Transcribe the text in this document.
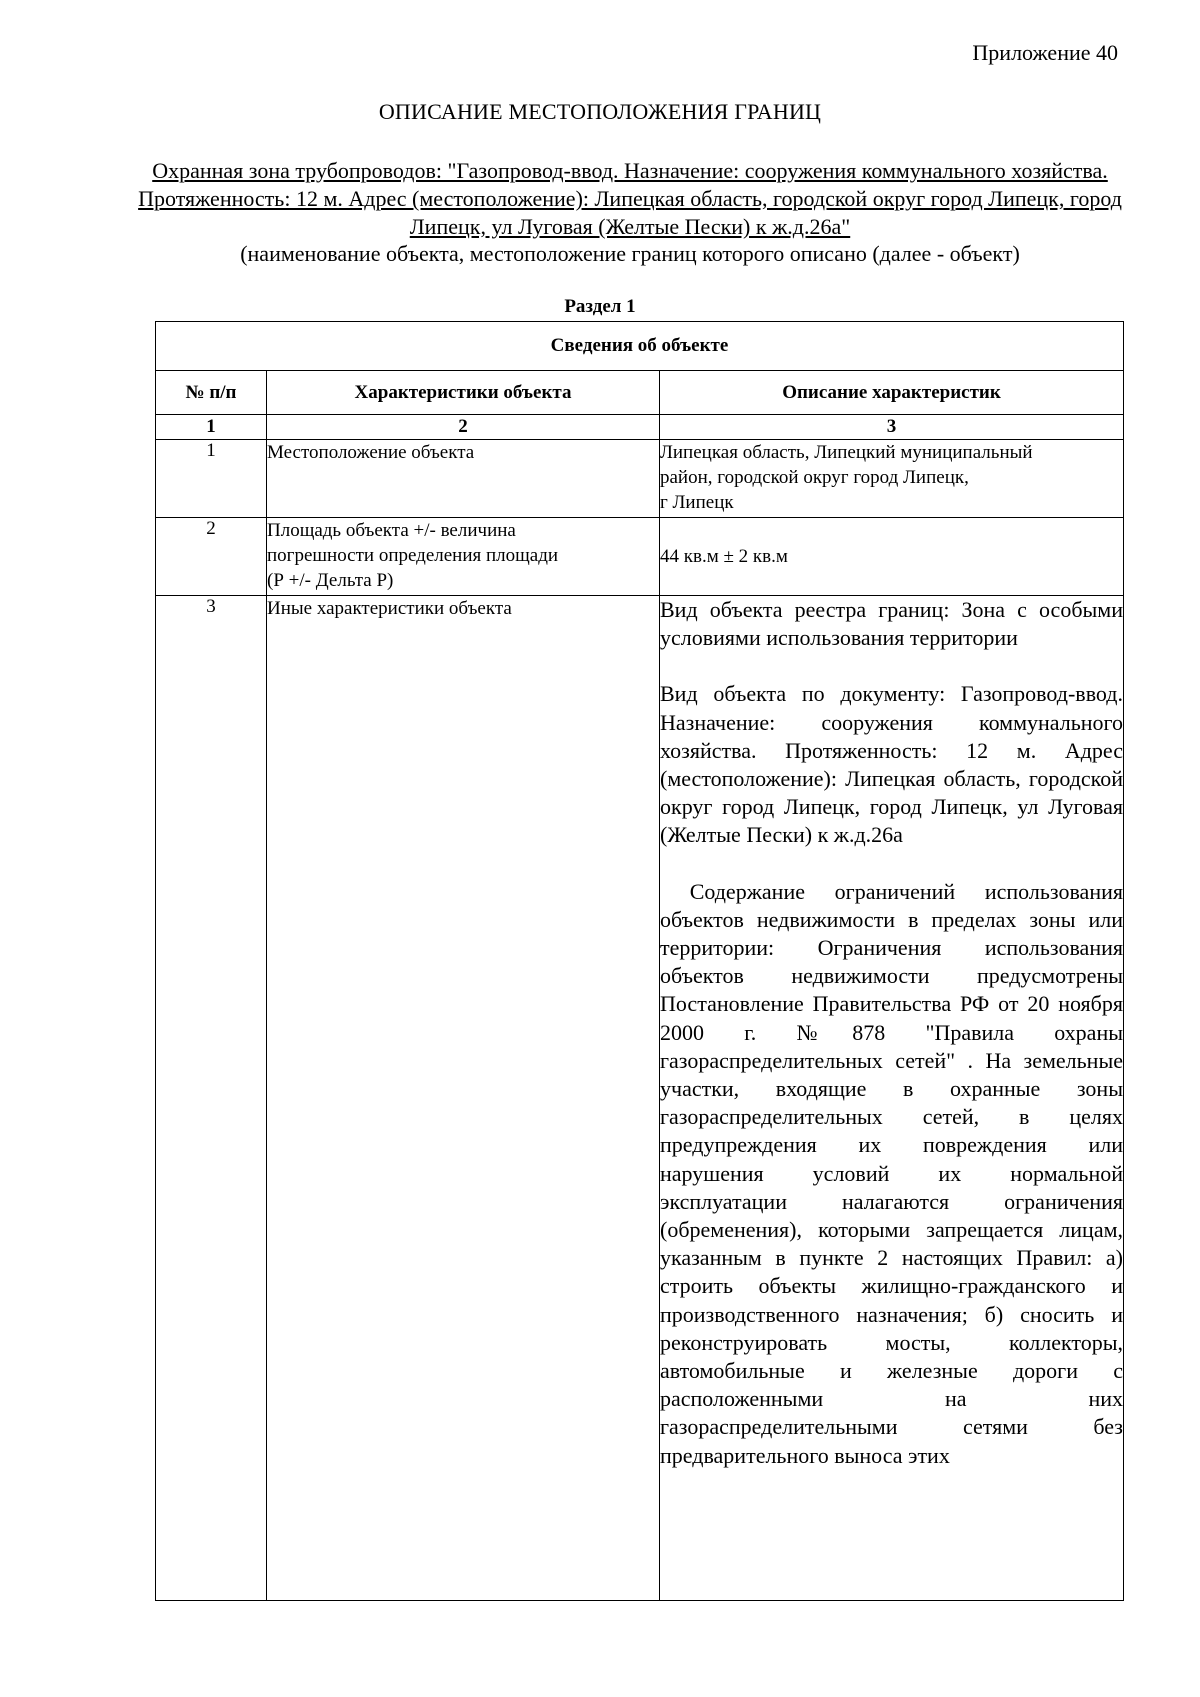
Приложение 40
ОПИСАНИЕ МЕСТОПОЛОЖЕНИЯ ГРАНИЦ
Охранная зона трубопроводов: "Газопровод-ввод. Назначение: сооружения коммунального хозяйства. Протяженность: 12 м. Адрес (местоположение): Липецкая область, городской округ город Липецк, город Липецк, ул Луговая (Желтые Пески) к ж.д.26а"
(наименование объекта, местоположение границ которого описано (далее - объект)
Раздел 1
Сведения об объекте		
№ п/п	Характеристики объекта	Описание характеристик
1	2	3
1	Местоположение объекта	Липецкая область, Липецкий муниципальный
район, городской округ город Липецк,
г Липецк

2	Площадь объекта +/- величина
погрешности определения площади
(Р +/- Дельта Р)	44 кв.м ± 2 кв.м
3	Иные характеристики объекта	Вид объекта реестра границ: Зона с особыми условиями использования территории
Вид объекта по документу: Газопровод-ввод. Назначение: сооружения коммунального хозяйства. Протяженность: 12 м. Адрес (местоположение): Липецкая область, городской округ город Липецк, город Липецк, ул Луговая (Желтые Пески) к ж.д.26а
Содержание ограничений использования объектов недвижимости в пределах зоны или территории: Ограничения использования объектов недвижимости предусмотрены Постановление Правительства РФ от 20 ноября 2000 г. №878 "Правила охраны газораспределительных сетей" . На земельные участки, входящие в охранные зоны газораспределительных сетей, в целях предупреждения их повреждения или нарушения условий их нормальной эксплуатации налагаются ограничения (обременения), которыми запрещается лицам, указанным в пункте 2 настоящих Правил: а) строить объекты жилищно-гражданского и производственного назначения; б) сносить и реконструировать мосты, коллекторы, автомобильные и железные дороги с расположенными на них газораспределительными сетями без предварительного выноса этих
